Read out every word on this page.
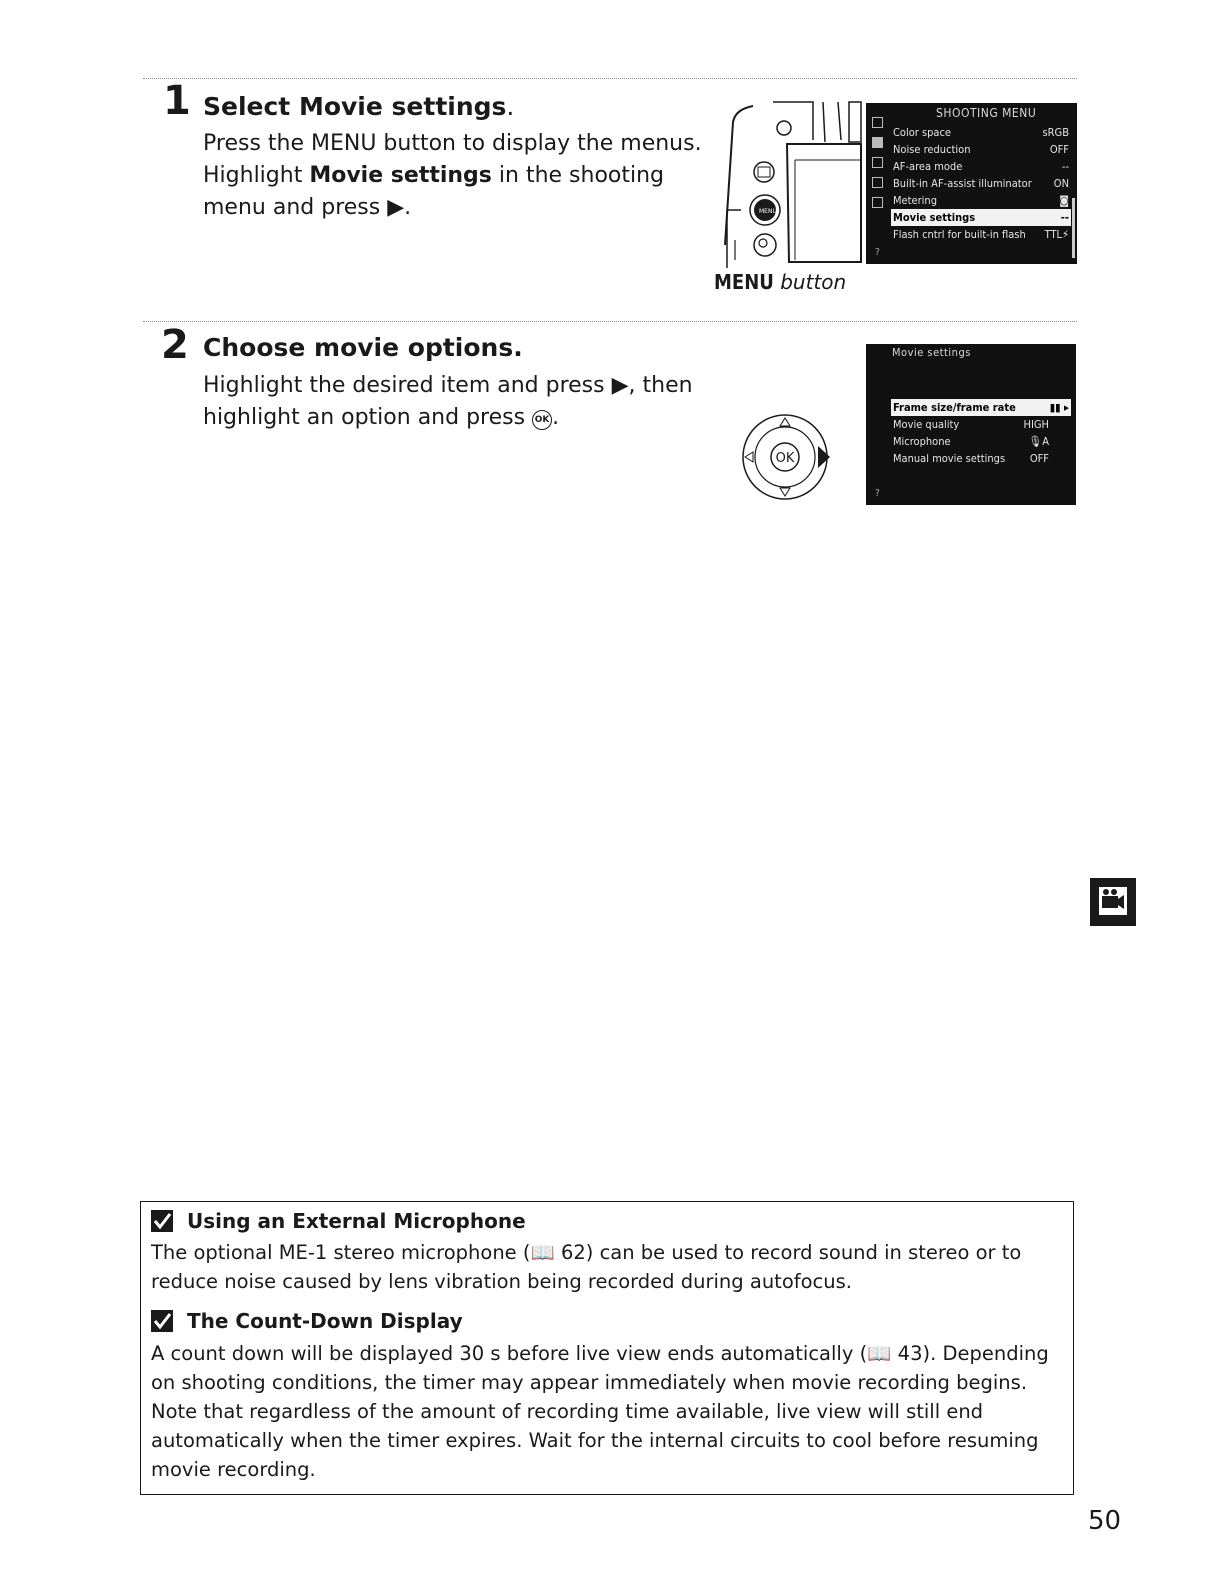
1 Select Movie settings.
Press the MENU button to display the menus.
Highlight Movie settings in the shooting
menu and press ▶.	MENU
MENU button
SHOOTING MENU
Color space	sRGB
Noise reduction	OFF
AF-area mode	--
Built-in AF-assist illuminator ON
Metering	◙
Movie settings	--
Flash cntrl for built-in flash TTL⚡
?
2 Choose movie options.
Highlight the desired item and press ▶, then
highlight an option and press OK .
OK
Movie settings
Frame size/frame rate	▮▮ ▸
Movie quality	HIGH
Microphone	🎙A
Manual movie settings OFF
?
Using an External Microphone
The optional ME-1 stereo microphone (📖 62) can be used to record sound in stereo or to reduce noise caused by lens vibration being recorded during autofocus.
The Count-Down Display
A count down will be displayed 30 s before live view ends automatically (📖 43). Depending on shooting conditions, the timer may appear immediately when movie recording begins. Note that regardless of the amount of recording time available, live view will still end automatically when the timer expires. Wait for the internal circuits to cool before resuming movie recording.
50
